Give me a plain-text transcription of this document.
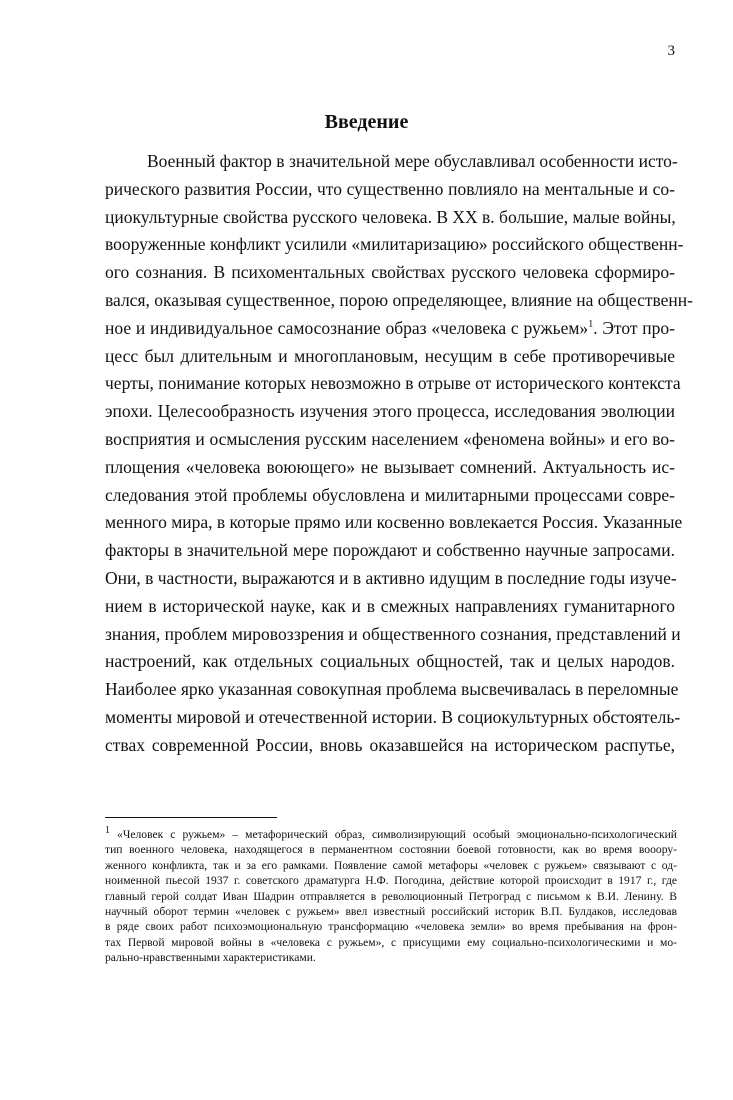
3
Введение
Военный фактор в значительной мере обуславливал особенности исто-
рического развития России, что существенно повлияло на ментальные и со-
циокультурные свойства русского человека. В XX в. большие, малые войны,
вооруженные конфликт усилили «милитаризацию» российского общественн-
ого сознания. В психоментальных свойствах русского человека сформиро-
вался, оказывая существенное, порою определяющее, влияние на общественн-
ное и индивидуальное самосознание образ «человека с ружьем»$^1$. Этот про-
цесс был длительным и многоплановым, несущим в себе противоречивые
черты, понимание которых невозможно в отрыве от исторического контекста
эпохи. Целесообразность изучения этого процесса, исследования эволюции
восприятия и осмысления русским населением «феномена войны» и его во-
площения «человека воюющего» не вызывает сомнений. Актуальность ис-
следования этой проблемы обусловлена и милитарными процессами совре-
менного мира, в которые прямо или косвенно вовлекается Россия. Указанные
факторы в значительной мере порождают и собственно научные запросами.
Они, в частности, выражаются и в активно идущим в последние годы изуче-
нием в исторической науке, как и в смежных направлениях гуманитарного
знания, проблем мировоззрения и общественного сознания, представлений и
настроений, как отдельных социальных общностей, так и целых народов.
Наиболее ярко указанная совокупная проблема высвечивалась в переломные
моменты мировой и отечественной истории. В социокультурных обстоятель-
ствах современной России, вновь оказавшейся на историческом распутье,
$^1$ «Человек с ружьем» – метафорический образ, символизирующий особый эмоционально-психологический
тип военного человека, находящегося в перманентном состоянии боевой готовности, как во время вооору-
женного конфликта, так и за его рамками. Появление самой метафоры «человек с ружьем» связывают с од-
ноименной пьесой 1937 г. советского драматурга Н.Ф. Погодина, действие которой происходит в 1917 г., где
главный герой солдат Иван Шадрин отправляется в революционный Петроград с письмом к В.И. Ленину. В
научный оборот термин «человек с ружьем» ввел известный российский историк В.П. Булдаков, исследовав
в ряде своих работ психоэмоциональную трансформацию «человека земли» во время пребывания на фрон-
тах Первой мировой войны в «человека с ружьем», с присущими ему социально-психологическими и мо-
рально-нравственными характеристиками.
